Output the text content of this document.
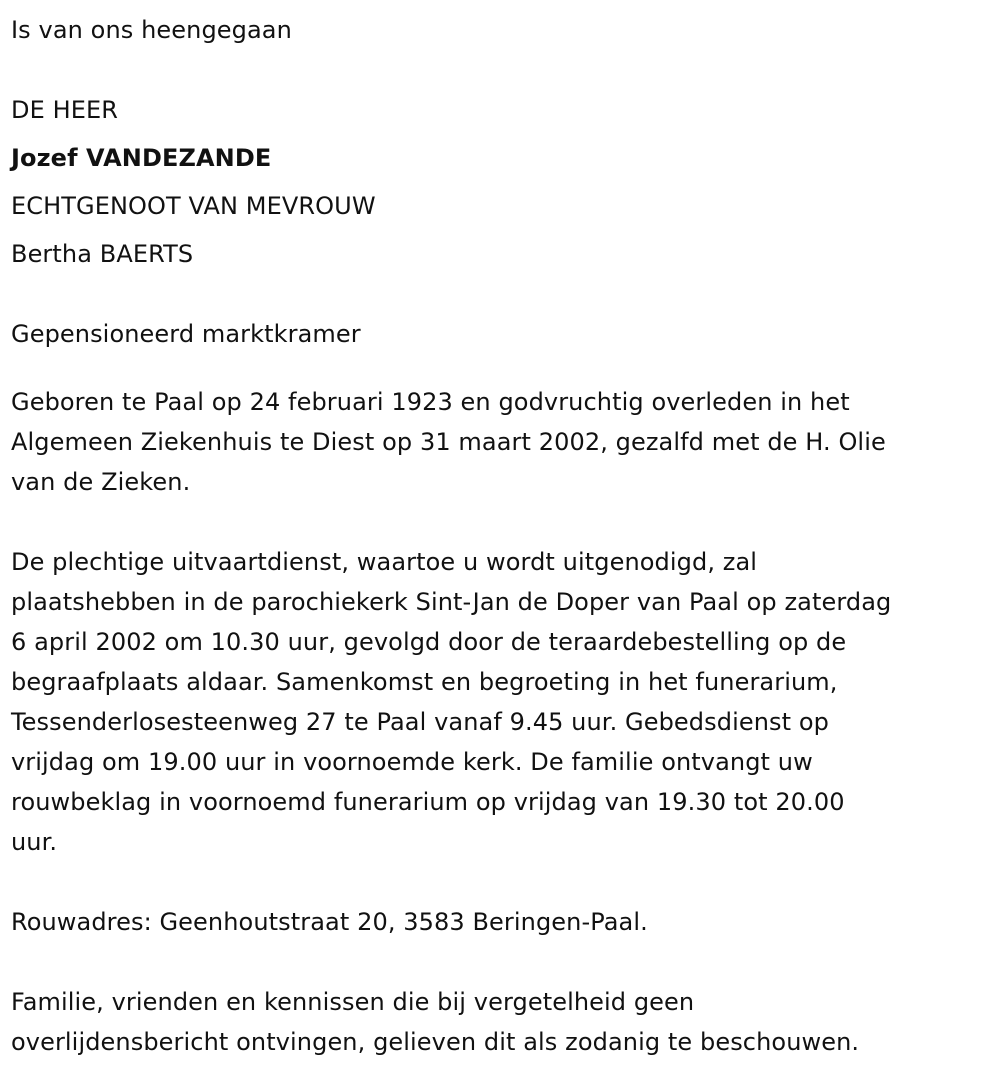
Is van ons heengegaan

DE HEER

Jozef VANDEZANDE

ECHTGENOOT VAN MEVROUW

Bertha BAERTS

Gepensioneerd marktkramer

Geboren te Paal op 24 februari 1923 en godvruchtig overleden in het

Algemeen Ziekenhuis te Diest op 31 maart 2002, gezalfd met de H. Olie

van de Zieken.

De plechtige uitvaartdienst, waartoe u wordt uitgenodigd, zal

plaatshebben in de parochiekerk Sint-Jan de Doper van Paal op zaterdag

6 april 2002 om 10.30 uur, gevolgd door de teraardebestelling op de

begraafplaats aldaar. Samenkomst en begroeting in het funerarium,

Tessenderlosesteenweg 27 te Paal vanaf 9.45 uur. Gebedsdienst op

vrijdag om 19.00 uur in voornoemde kerk. De familie ontvangt uw

rouwbeklag in voornoemd funerarium op vrijdag van 19.30 tot 20.00

uur.

Rouwadres: Geenhoutstraat 20, 3583 Beringen-Paal.

Familie, vrienden en kennissen die bij vergetelheid geen

overlijdensbericht ontvingen, gelieven dit als zodanig te beschouwen.
